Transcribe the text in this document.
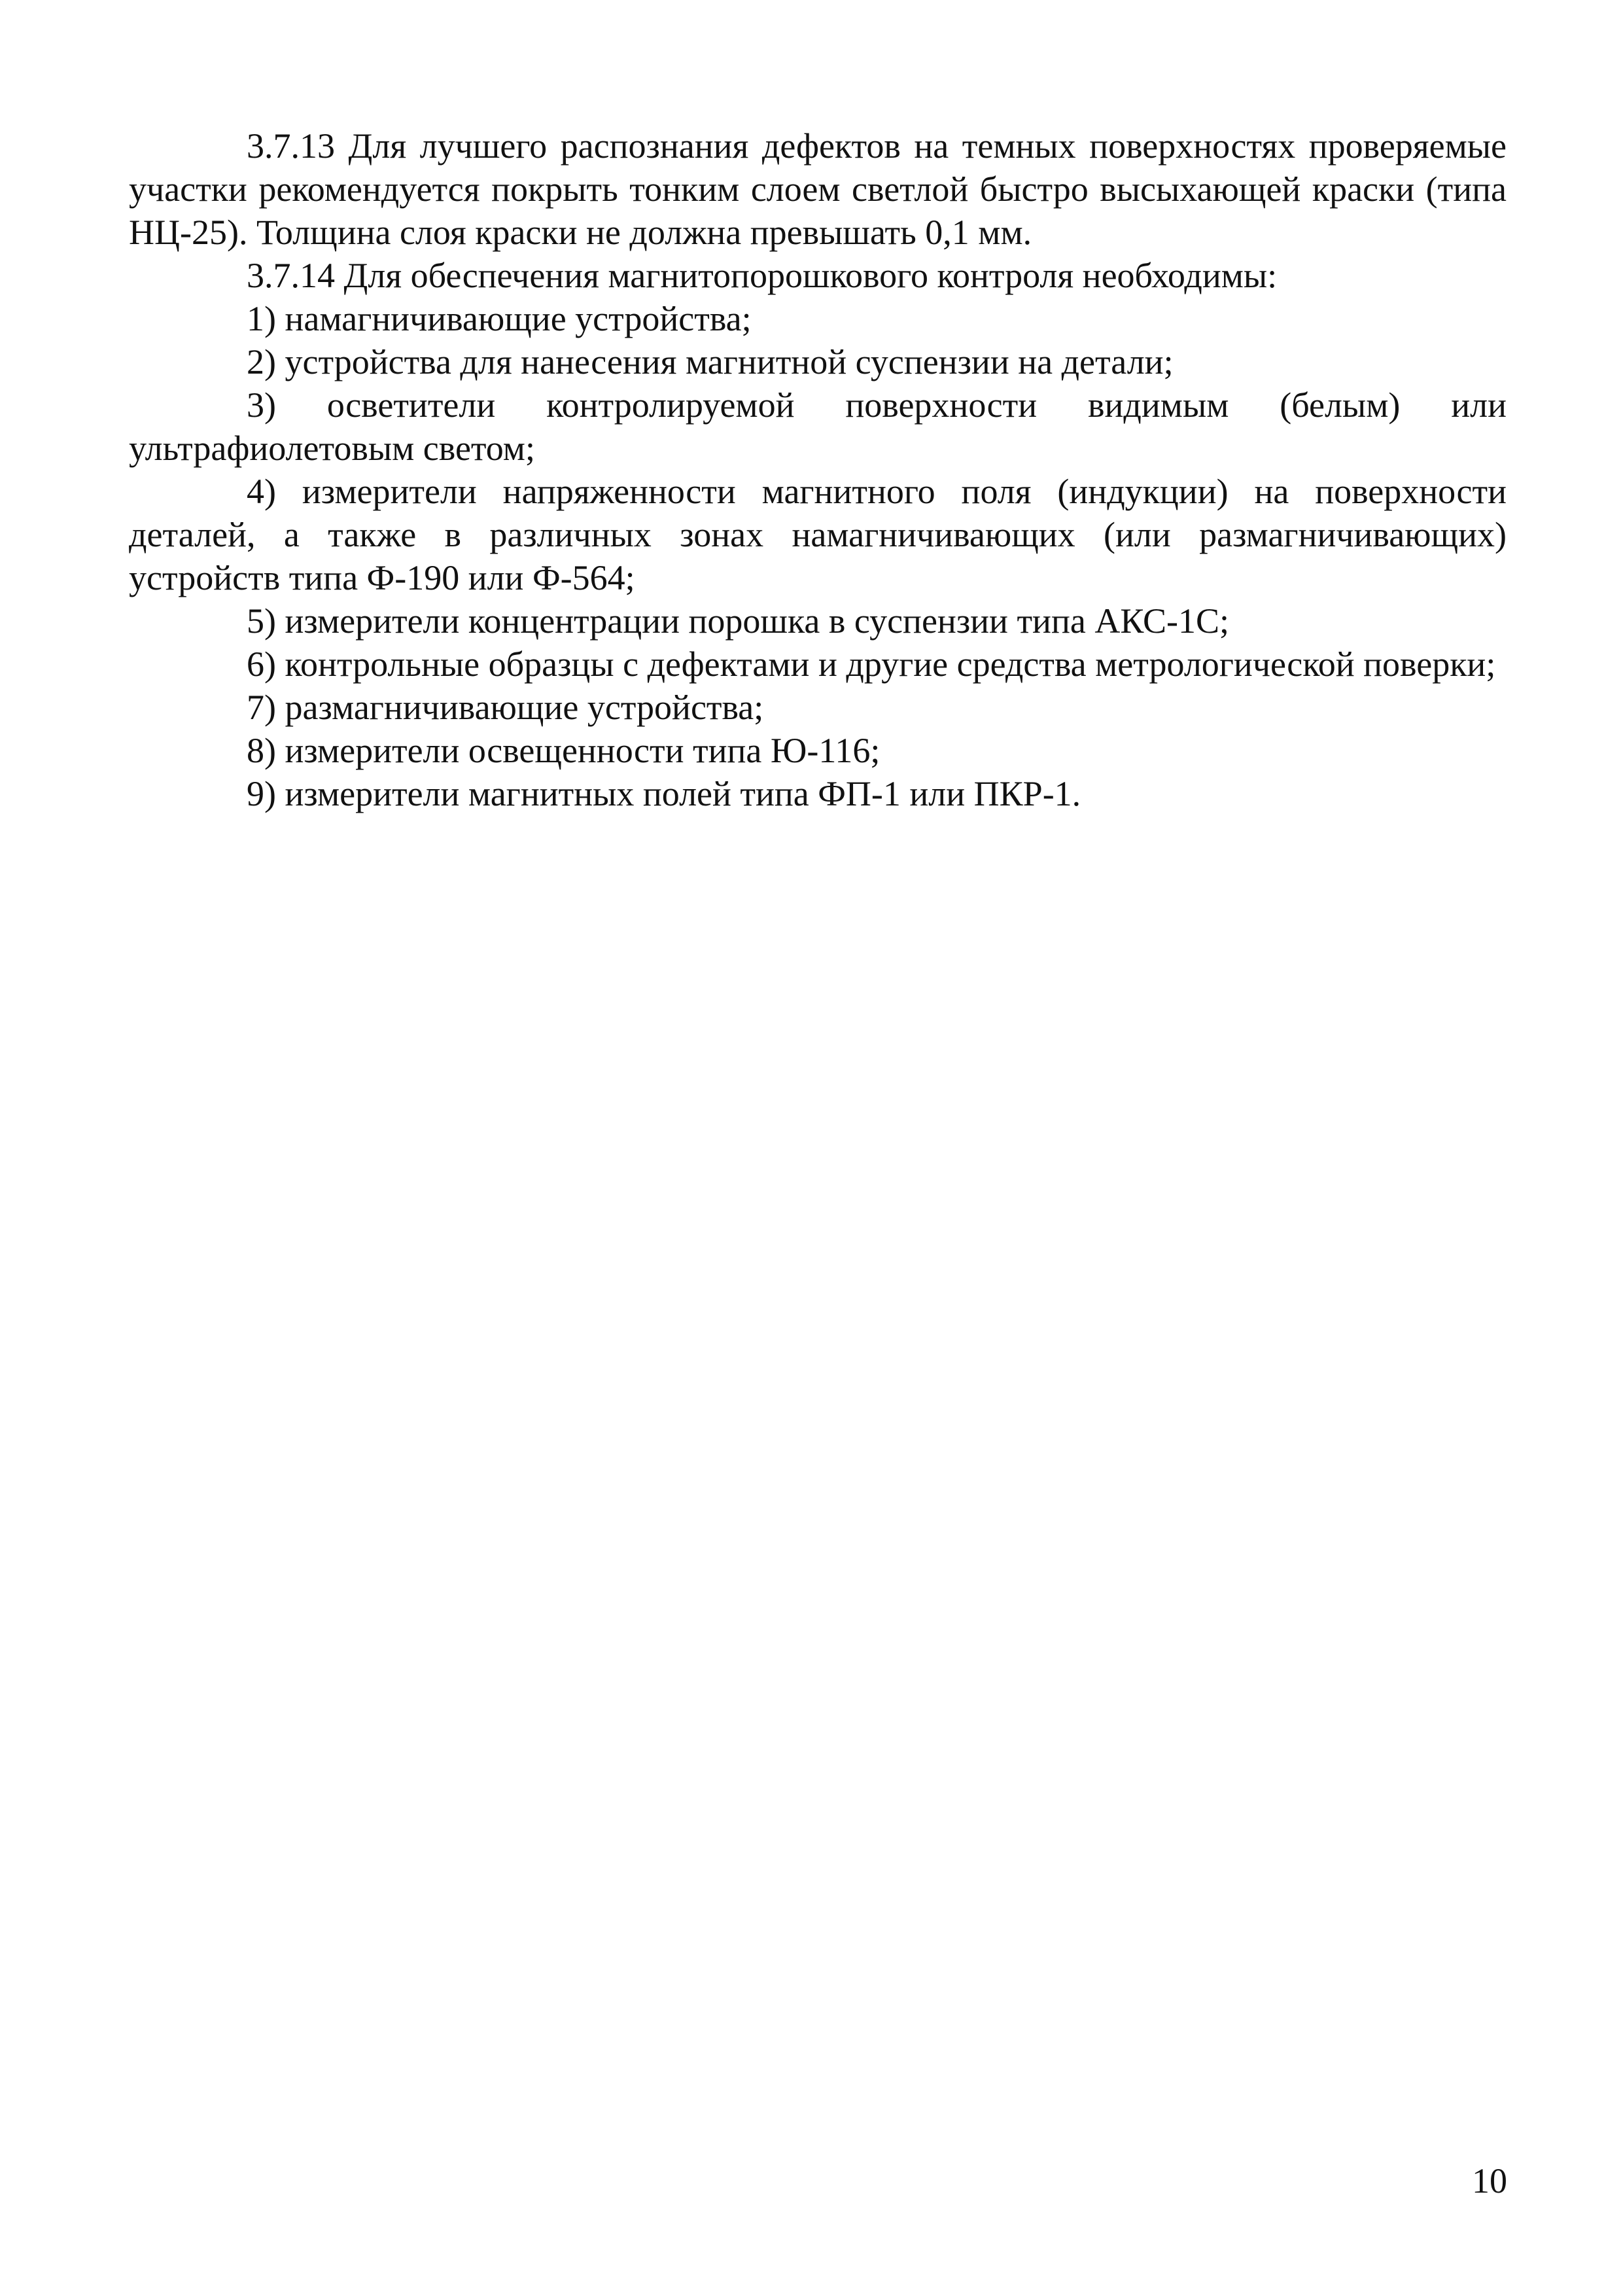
3.7.13 Для лучшего распознания дефектов на темных поверхностях проверяемые участки рекомендуется покрыть тонким слоем светлой быстро высыхающей краски (типа НЦ-25). Толщина слоя краски не должна превышать 0,1 мм.

3.7.14 Для обеспечения магнитопорошкового контроля необходимы:

1) намагничивающие устройства;

2) устройства для нанесения магнитной суспензии на детали;

3) осветители контролируемой поверхности видимым (белым) или ультрафиолетовым светом;

4) измерители напряженности магнитного поля (индукции) на поверхности деталей, а также в различных зонах намагничивающих (или размагничивающих) устройств типа Ф-190 или Ф-564;

5) измерители концентрации порошка в суспензии типа АКС-1С;

6) контрольные образцы с дефектами и другие средства метрологической поверки;

7) размагничивающие устройства;

8) измерители освещенности типа Ю-116;

9) измерители магнитных полей типа ФП-1 или ПКР-1.

10
